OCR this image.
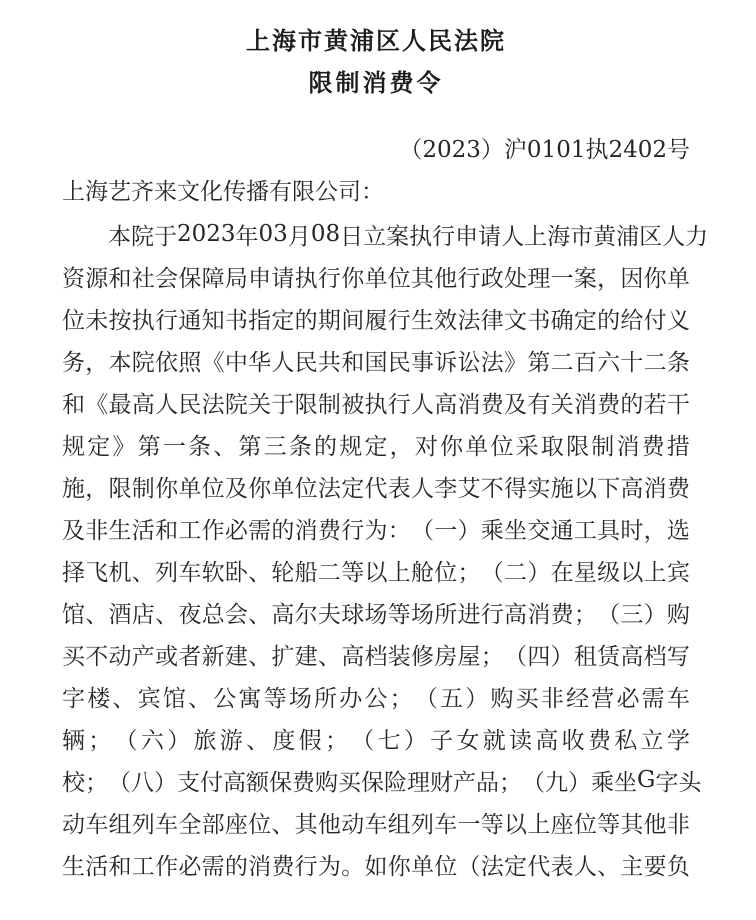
上海市黄浦区人民法院
限制消费令
（2023）沪0101执2402号
上海艺齐来文化传播有限公司：
本 院 于 2023 年 03 月 08 日 立 案 执 行 申 请 人 上 海 市 黄 浦 区 人 力
资 源 和 社 会 保 障 局 申 请 执 行 你 单 位 其 他 行 政 处 理 一 案 ， 因 你 单
位 未 按 执 行 通 知 书 指 定 的 期 间 履 行 生 效 法 律 文 书 确 定 的 给 付 义
务 ， 本 院 依 照 《 中 华 人 民 共 和 国 民 事 诉 讼 法 》 第 二 百 六 十 二 条
和 《 最 高 人 民 法 院 关 于 限 制 被 执 行 人 高 消 费 及 有 关 消 费 的 若 干
规 定 》 第 一 条 、 第 三 条 的 规 定 ， 对 你 单 位 采 取 限 制 消 费 措
施 ， 限 制 你 单 位 及 你 单 位 法 定 代 表 人 李 艾 不 得 实 施 以 下 高 消 费
及 非 生 活 和 工 作 必 需 的 消 费 行 为 ： （ 一 ） 乘 坐 交 通 工 具 时 ， 选
择 飞 机 、 列 车 软 卧 、 轮 船 二 等 以 上 舱 位 ； （ 二 ） 在 星 级 以 上 宾
馆 、 酒 店 、 夜 总 会 、 高 尔 夫 球 场 等 场 所 进 行 高 消 费 ； （ 三 ） 购
买 不 动 产 或 者 新 建 、 扩 建 、 高 档 装 修 房 屋 ； （ 四 ） 租 赁 高 档 写
字 楼 、 宾 馆 、 公 寓 等 场 所 办 公 ； （ 五 ） 购 买 非 经 营 必 需 车
辆 ； （ 六 ） 旅 游 、 度 假 ； （ 七 ） 子 女 就 读 高 收 费 私 立 学
校 ； （ 八 ） 支 付 高 额 保 费 购 买 保 险 理 财 产 品 ； （ 九 ） 乘 坐 G 字 头
动 车 组 列 车 全 部 座 位 、 其 他 动 车 组 列 车 一 等 以 上 座 位 等 其 他 非
生 活 和 工 作 必 需 的 消 费 行 为 。 如 你 单 位 （ 法 定 代 表 人 、 主 要 负
